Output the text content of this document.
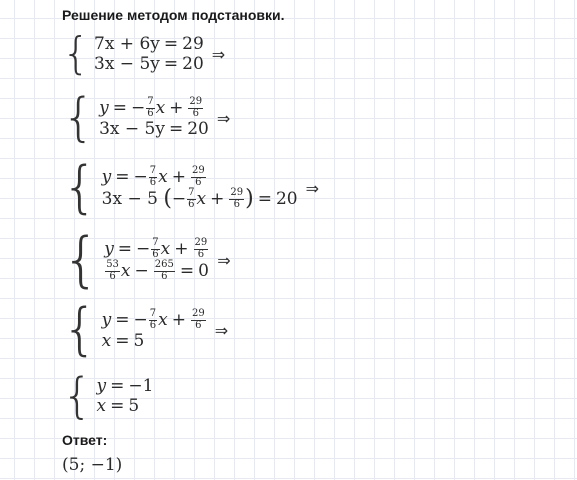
Решение методом подстановки.
{ 7x + 6y = 29
3x − 5y = 20 ⇒
{ y = − $\frac{7}{6}$ $x + \frac{29}{6}$
3x − 5y = 20
⇒
{ y = − $\frac{7}{6}$ $x + \frac{29}{6}$
3x − 5
( − $\frac{7}{6}$ $x + \frac{29}{6}$ ) = 20
⇒
{ y = − $\frac{7}{6}$ $x + \frac{29}{6}$
$\frac{53}{6}$ $x - \frac{265}{6} = 0$
⇒
{ y = − $\frac{7}{6}$ $x + \frac{29}{6}$
x = 5
⇒
{ y = −1
x = 5
Ответ:
(5; −1)
